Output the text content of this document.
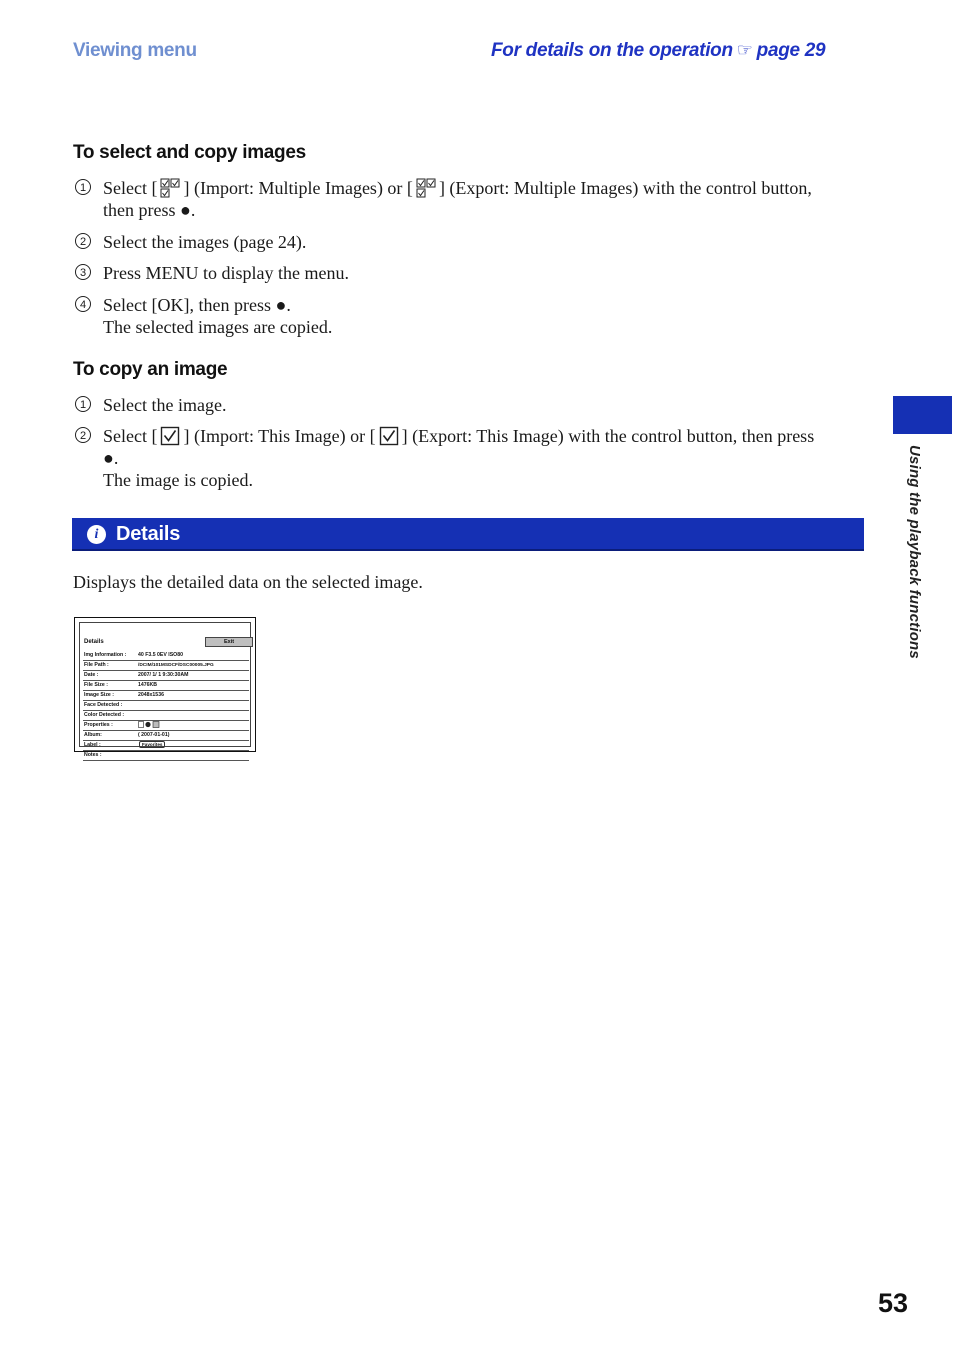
Viewing menu	For details on the operation ☞ page 29
To select and copy images
1 Select [ ] (Import: Multiple Images) or [ ] (Export: Multiple Images) with the control button, then press ●.
2 Select the images (page 24).
3 Press MENU to display the menu.
4 Select [OK], then press ●.
The selected images are copied.
To copy an image
1 Select the image.
2 Select [ ] (Import: This Image) or [ ] (Export: This Image) with the control button, then press ●.
The image is copied.
i Details
Displays the detailed data on the selected image.
Details	Exit
Img Information : 40 F3.5 0EV ISO80
File Path :	/DCIM/101MSDCF/DSC00005.JPG
Date :	2007/ 1/ 1 9:30:30AM
File Size :	1476KB
Image Size :	2048x1536
Face Detected :
Color Detected :
Properties :
Album:	( 2007-01-01)
Label :	Favorites
Notes :
Using the playback functions
53
